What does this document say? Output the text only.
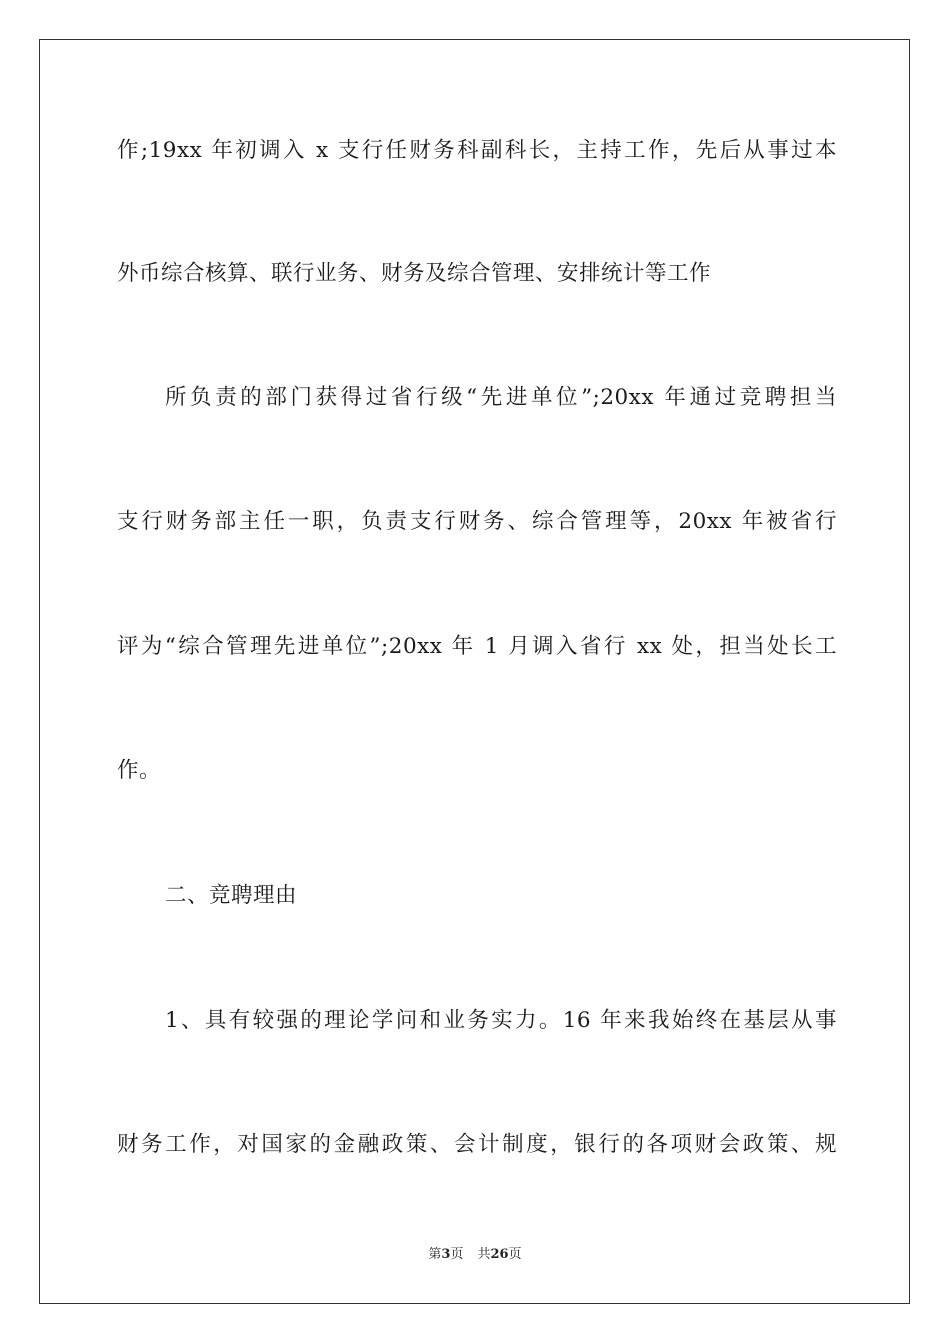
作;19xx 年初调入 x 支行任财务科副科长，主持工作，先后从事过本
外币综合核算、联行业务、财务及综合管理、安排统计等工作
所负责的部门获得过省行级“先进单位”;20xx 年通过竞聘担当
支行财务部主任一职，负责支行财务、综合管理等，20xx 年被省行
评为“综合管理先进单位”;20xx 年 1 月调入省行 xx 处，担当处长工
作。
二、竞聘理由
1、具有较强的理论学问和业务实力。16 年来我始终在基层从事
财务工作，对国家的金融政策、会计制度，银行的各项财会政策、规
第3页 共26页
